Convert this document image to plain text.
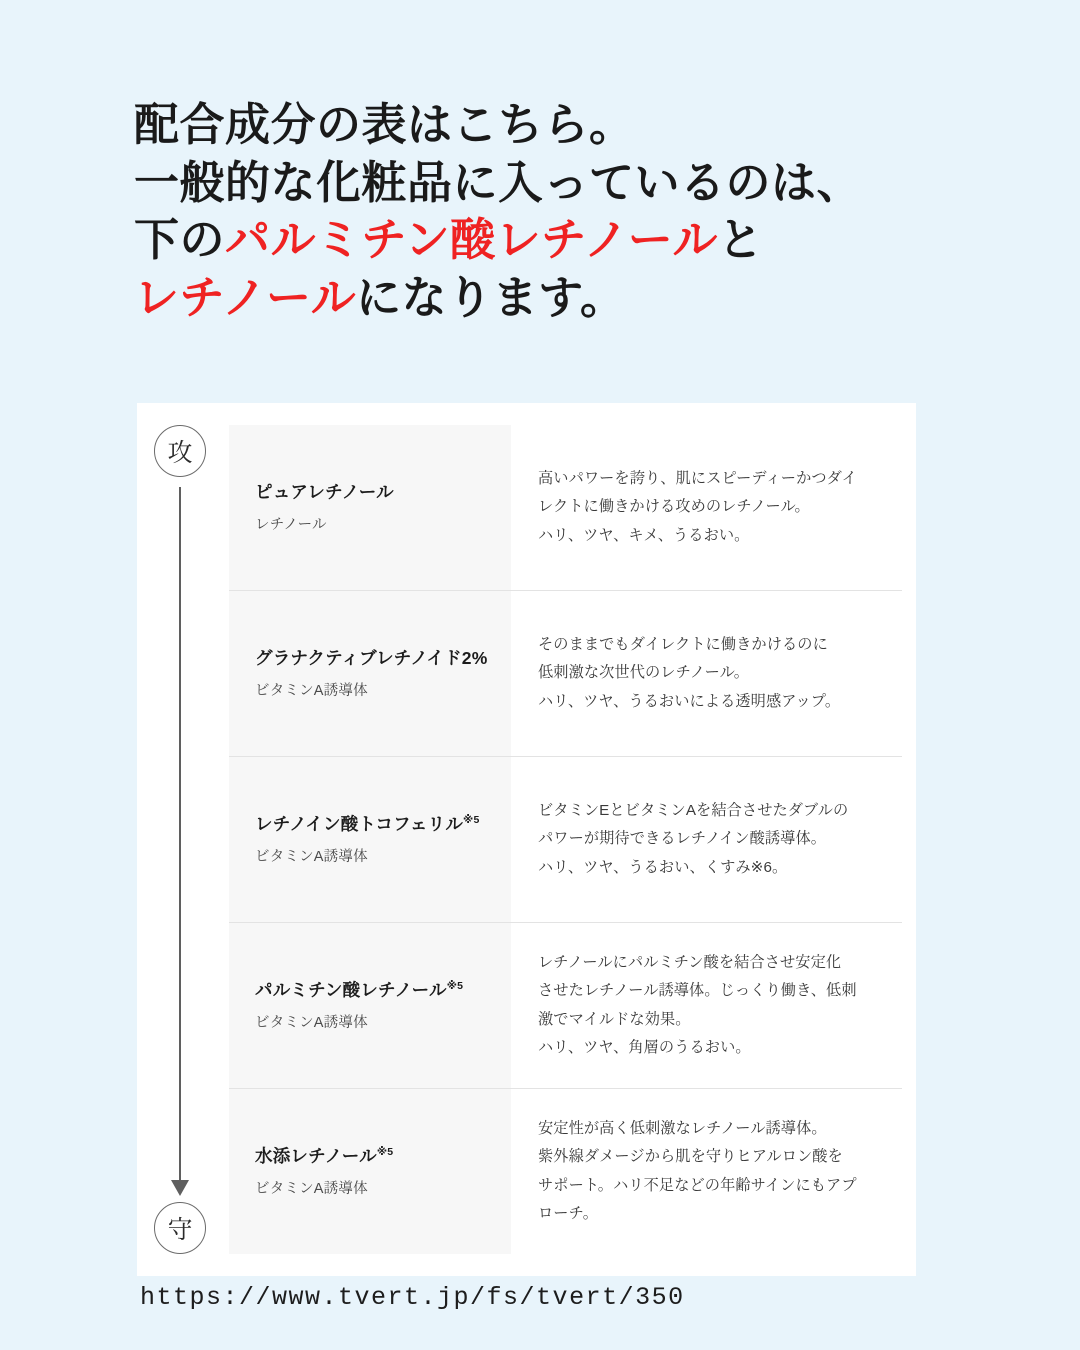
配合成分の表はこちら。
一般的な化粧品に入っているのは、
下のパルミチン酸レチノールと
レチノールになります。
攻
守
ピュアレチノール
レチノール
高いパワーを誇り、肌にスピーディーかつダイ
レクトに働きかける攻めのレチノール。
ハリ、ツヤ、キメ、うるおい。
グラナクティブレチノイド2%
ビタミンA誘導体
そのままでもダイレクトに働きかけるのに
低刺激な次世代のレチノール。
ハリ、ツヤ、うるおいによる透明感アップ。
レチノイン酸トコフェリル$^{※5}$
ビタミンA誘導体
ビタミンEとビタミンAを結合させたダブルの
パワーが期待できるレチノイン酸誘導体。
ハリ、ツヤ、うるおい、くすみ※6。
パルミチン酸レチノール$^{※5}$
ビタミンA誘導体
レチノールにパルミチン酸を結合させ安定化
させたレチノール誘導体。じっくり働き、低刺
激でマイルドな効果。
ハリ、ツヤ、角層のうるおい。
水添レチノール$^{※5}$
ビタミンA誘導体
安定性が高く低刺激なレチノール誘導体。
紫外線ダメージから肌を守りヒアルロン酸を
サポート。ハリ不足などの年齢サインにもアプ
ローチ。
https://www.tvert.jp/fs/tvert/350
